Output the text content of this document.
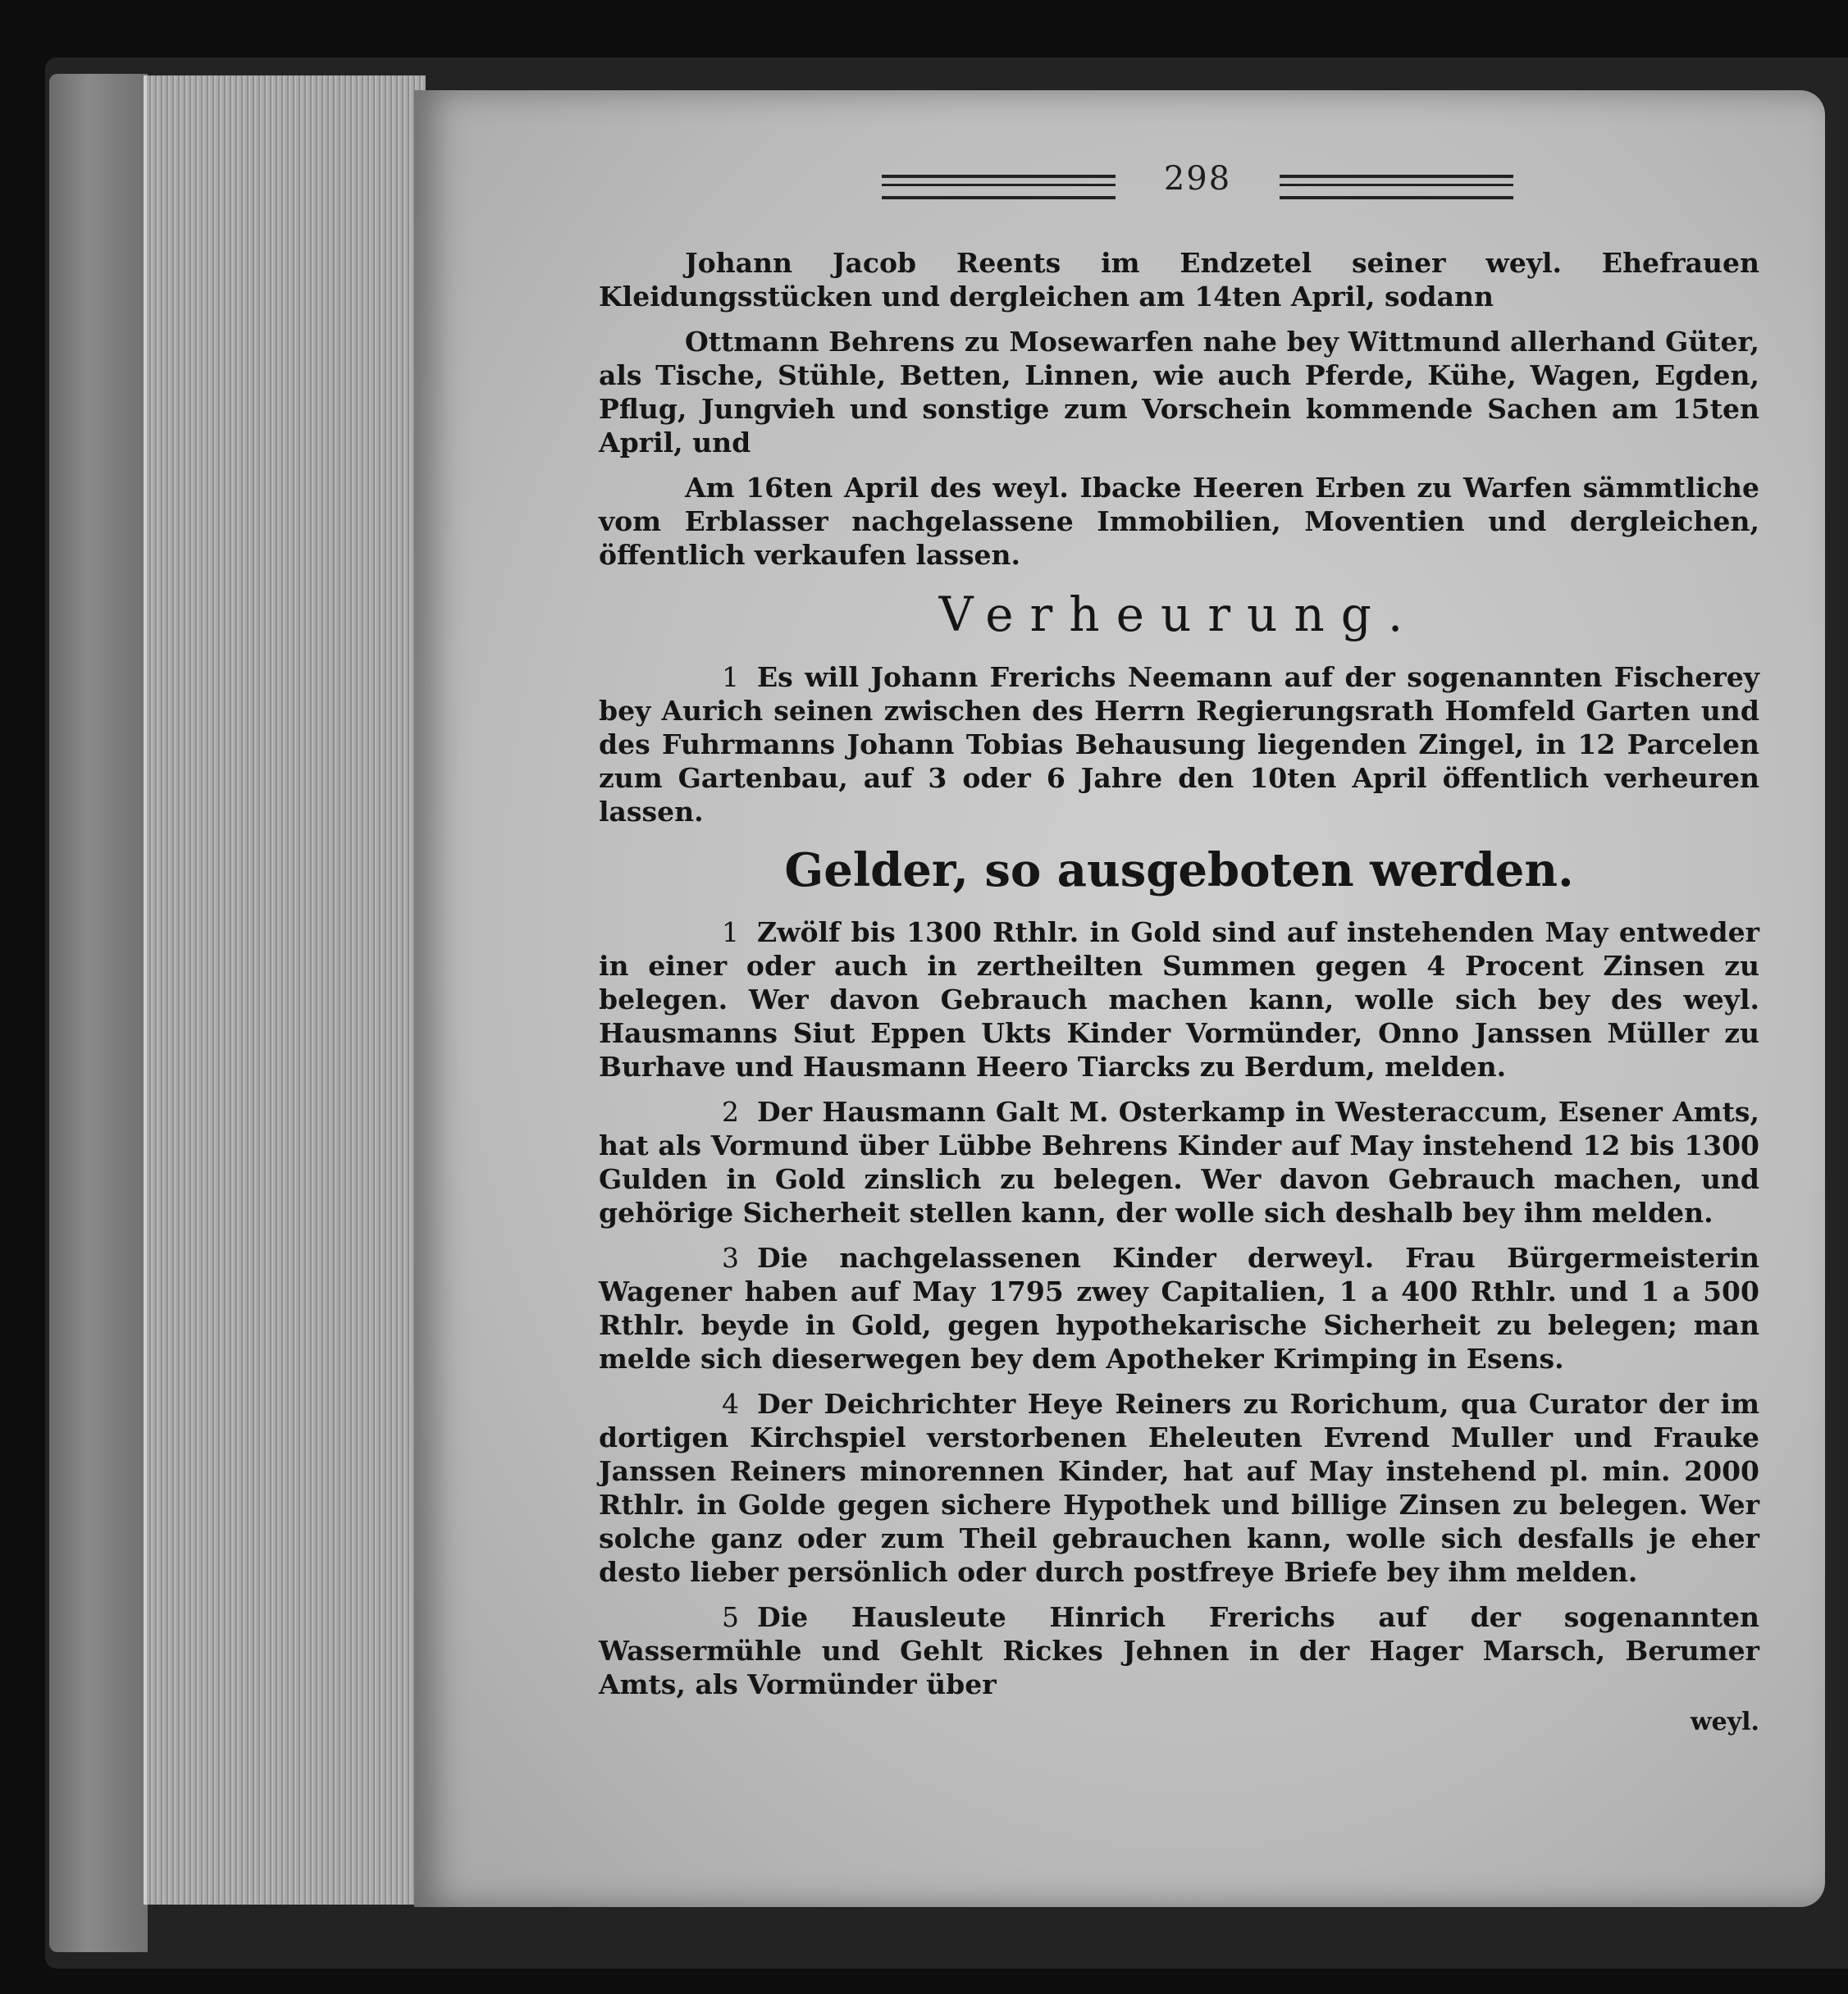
298

Johann Jacob Reents im Endzetel seiner weyl. Ehefrauen Kleidungsstücken und dergleichen am 14ten April, sodann

Ottmann Behrens zu Mosewarfen nahe bey Wittmund allerhand Güter, als Tische, Stühle, Betten, Linnen, wie auch Pferde, Kühe, Wagen, Egden, Pflug, Jungvieh und sonstige zum Vorschein kommende Sachen am 15ten April, und

Am 16ten April des weyl. Ibacke Heeren Erben zu Warfen sämmtliche vom Erblasser nachgelassene Immobilien, Moventien und dergleichen, öffentlich verkaufen lassen.

Verheurung.

1 Es will Johann Frerichs Neemann auf der sogenannten Fischerey bey Aurich seinen zwischen des Herrn Regierungsrath Homfeld Garten und des Fuhrmanns Johann Tobias Behausung liegenden Zingel, in 12 Parcelen zum Gartenbau, auf 3 oder 6 Jahre den 10ten April öffentlich verheuren lassen.

Gelder, so ausgeboten werden.

1 Zwölf bis 1300 Rthlr. in Gold sind auf instehenden May entweder in einer oder auch in zertheilten Summen gegen 4 Procent Zinsen zu belegen. Wer davon Gebrauch machen kann, wolle sich bey des weyl. Hausmanns Siut Eppen Ukts Kinder Vormünder, Onno Janssen Müller zu Burhave und Hausmann Heero Tiarcks zu Berdum, melden.

2 Der Hausmann Galt M. Osterkamp in Westeraccum, Esener Amts, hat als Vormund über Lübbe Behrens Kinder auf May instehend 12 bis 1300 Gulden in Gold zinslich zu belegen. Wer davon Gebrauch machen, und gehörige Sicherheit stellen kann, der wolle sich deshalb bey ihm melden.

3 Die nachgelassenen Kinder derweyl. Frau Bürgermeisterin Wagener haben auf May 1795 zwey Capitalien, 1 a 400 Rthlr. und 1 a 500 Rthlr. beyde in Gold, gegen hypothekarische Sicherheit zu belegen; man melde sich dieserwegen bey dem Apotheker Krimping in Esens.

4 Der Deichrichter Heye Reiners zu Rorichum, qua Curator der im dortigen Kirchspiel verstorbenen Eheleuten Evrend Muller und Frauke Janssen Reiners minorennen Kinder, hat auf May instehend pl. min. 2000 Rthlr. in Golde gegen sichere Hypothek und billige Zinsen zu belegen. Wer solche ganz oder zum Theil gebrauchen kann, wolle sich desfalls je eher desto lieber persönlich oder durch postfreye Briefe bey ihm melden.

5 Die Hausleute Hinrich Frerichs auf der sogenannten Wassermühle und Gehlt Rickes Jehnen in der Hager Marsch, Berumer Amts, als Vormünder über

weyl.
